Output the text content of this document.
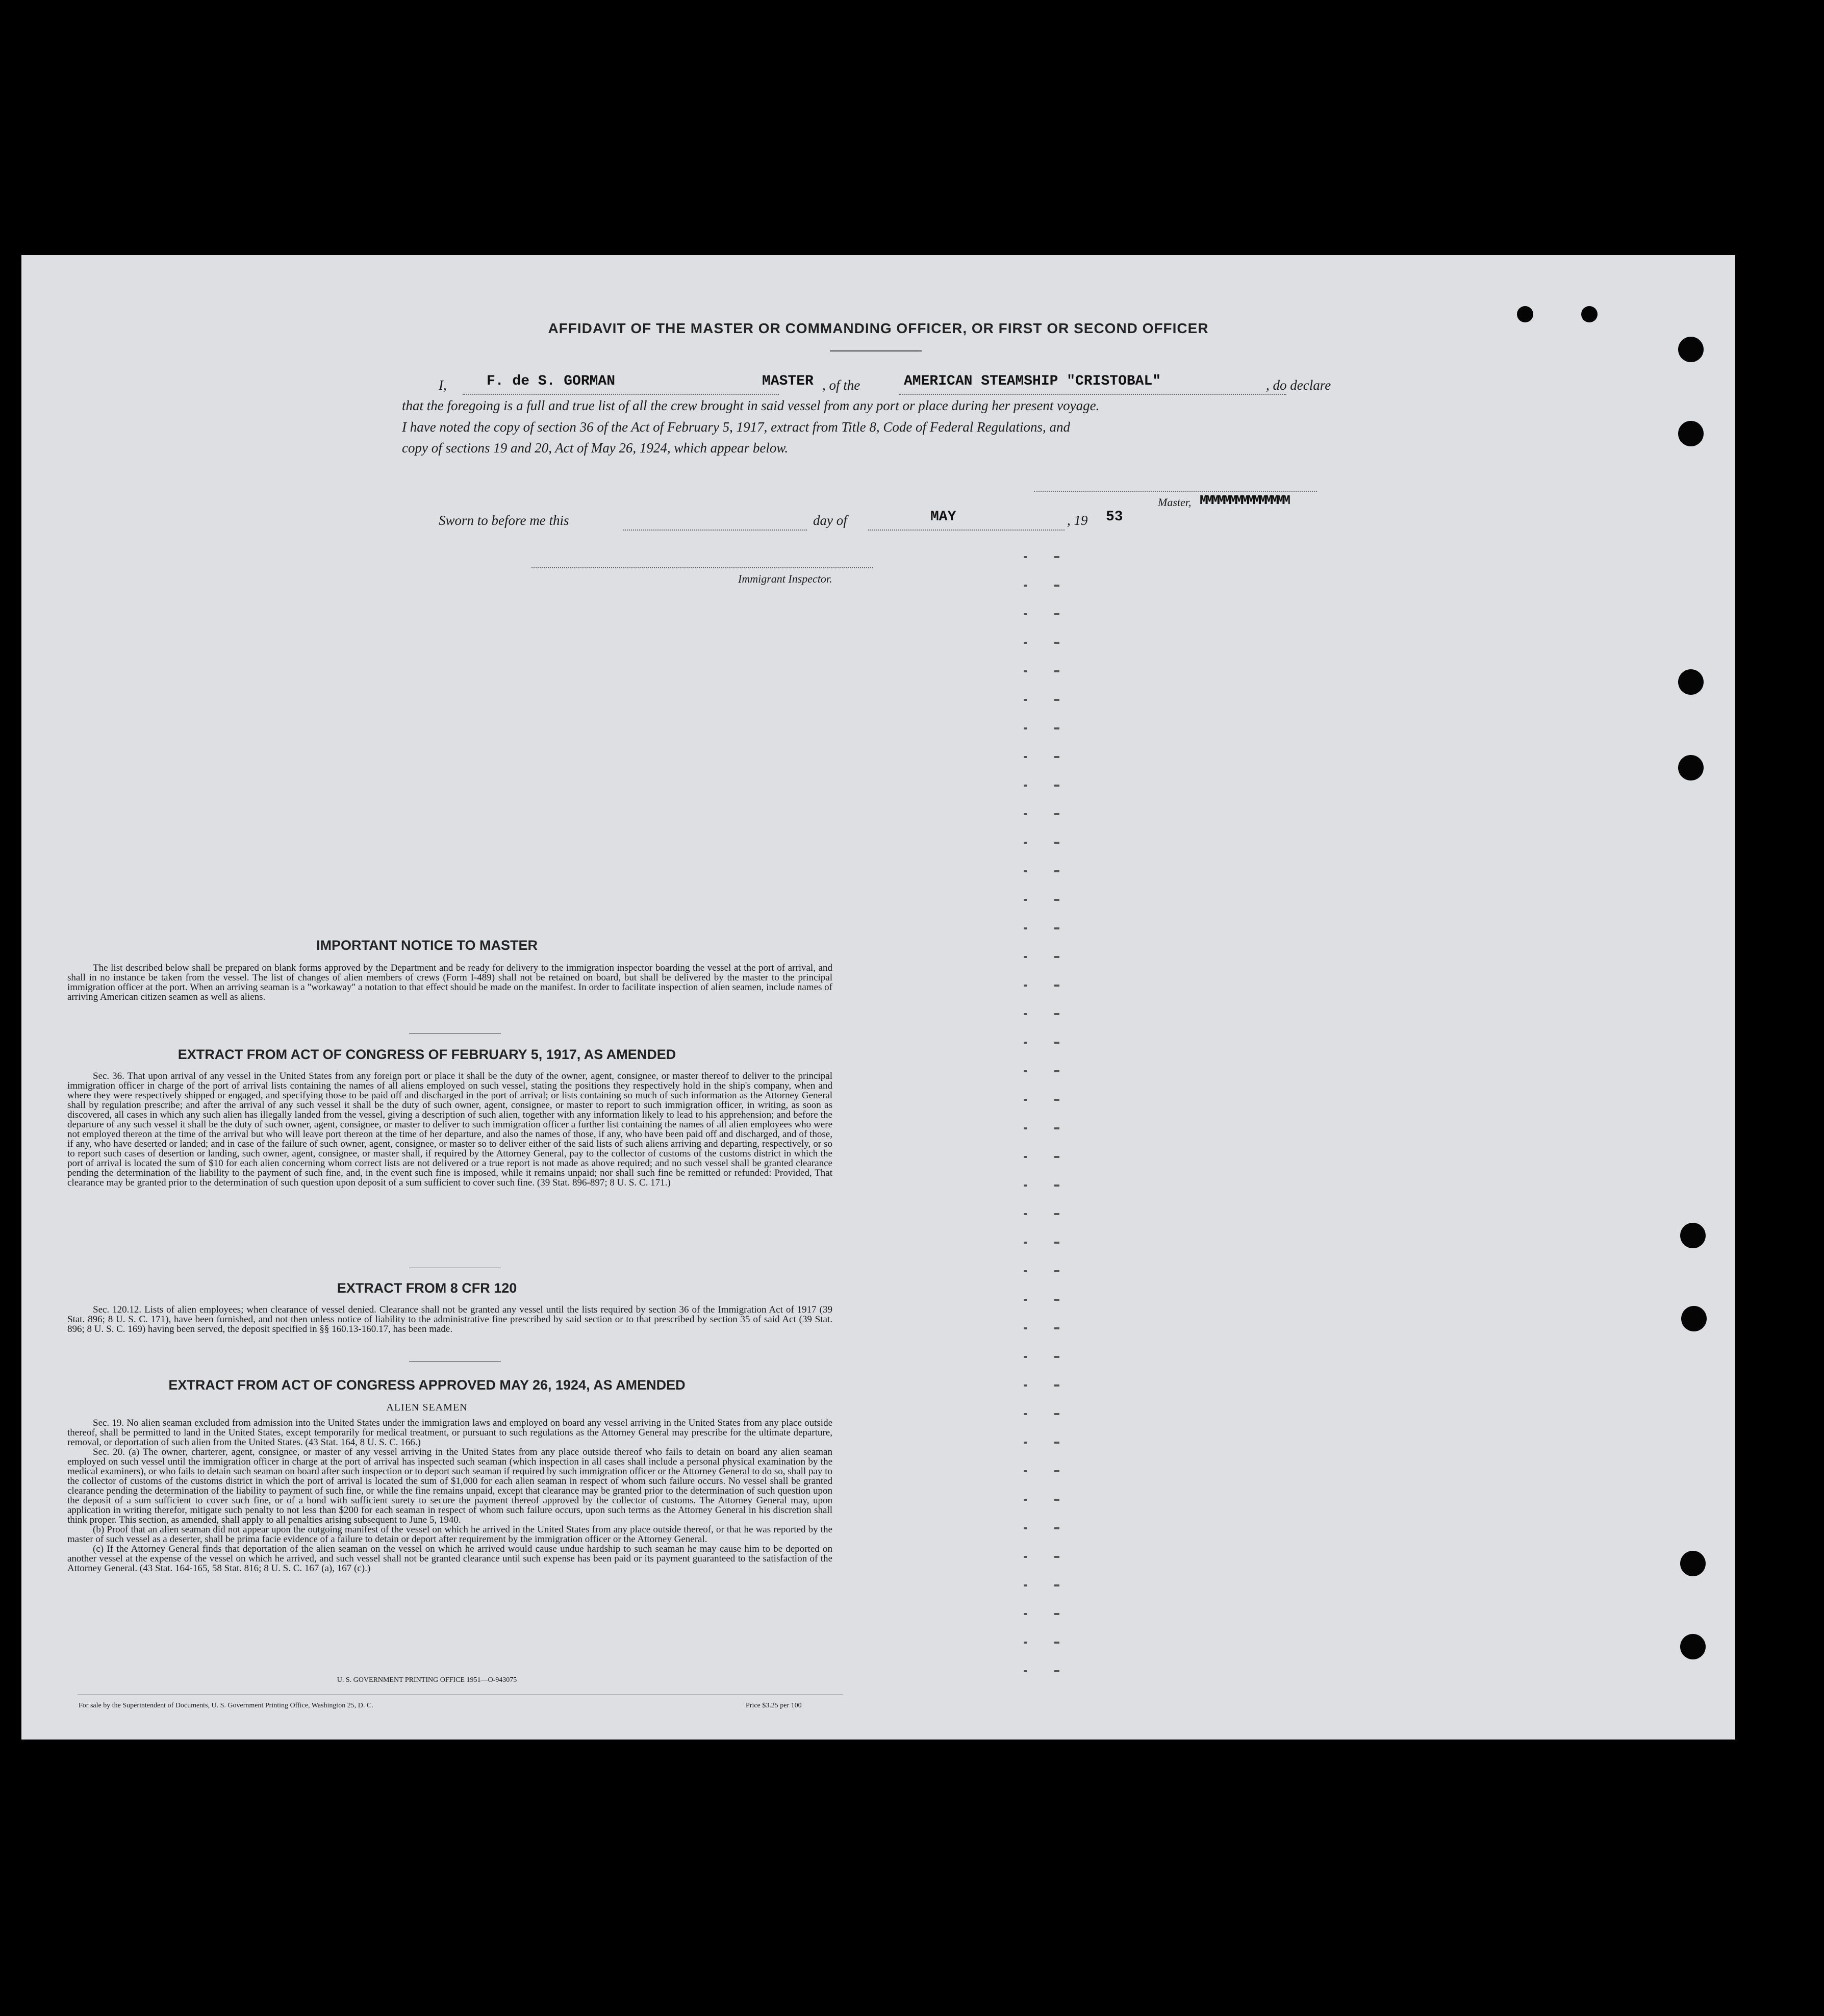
AFFIDAVIT OF THE MASTER OR COMMANDING OFFICER, OR FIRST OR SECOND OFFICER
I,	F. de S. GORMAN	MASTER , of the	AMERICAN STEAMSHIP "CRISTOBAL"	, do declare
that the foregoing is a full and true list of all the crew brought in said vessel from any port or place during her present voyage.
I have noted the copy of section 36 of the Act of February 5, 1917, extract from Title 8, Code of Federal Regulations, and
copy of sections 19 and 20, Act of May 26, 1924, which appear below.
Master, MMMMMMMMMMMMMMM
Sworn to before me this	day of	MAY	, 19 53
Immigrant Inspector.
IMPORTANT NOTICE TO MASTER

The list described below shall be prepared on blank forms approved by the Department and be ready for delivery to the immigration inspector boarding the vessel at the port of arrival, and shall in no instance be taken from the vessel. The list of changes of alien members of crews (Form I-489) shall not be retained on board, but shall be delivered by the master to the principal immigration officer at the port. When an arriving seaman is a "workaway" a notation to that effect should be made on the manifest. In order to facilitate inspection of alien seamen, include names of arriving American citizen seamen as well as aliens.

EXTRACT FROM ACT OF CONGRESS OF FEBRUARY 5, 1917, AS AMENDED

Sec. 36. That upon arrival of any vessel in the United States from any foreign port or place it shall be the duty of the owner, agent, consignee, or master thereof to deliver to the principal immigration officer in charge of the port of arrival lists containing the names of all aliens employed on such vessel, stating the positions they respectively hold in the ship's company, when and where they were respectively shipped or engaged, and specifying those to be paid off and discharged in the port of arrival; or lists containing so much of such information as the Attorney General shall by regulation prescribe; and after the arrival of any such vessel it shall be the duty of such owner, agent, consignee, or master to report to such immigration officer, in writing, as soon as discovered, all cases in which any such alien has illegally landed from the vessel, giving a description of such alien, together with any information likely to lead to his apprehension; and before the departure of any such vessel it shall be the duty of such owner, agent, consignee, or master to deliver to such immigration officer a further list containing the names of all alien employees who were not employed thereon at the time of the arrival but who will leave port thereon at the time of her departure, and also the names of those, if any, who have been paid off and discharged, and of those, if any, who have deserted or landed; and in case of the failure of such owner, agent, consignee, or master so to deliver either of the said lists of such aliens arriving and departing, respectively, or so to report such cases of desertion or landing, such owner, agent, consignee, or master shall, if required by the Attorney General, pay to the collector of customs of the customs district in which the port of arrival is located the sum of $10 for each alien concerning whom correct lists are not delivered or a true report is not made as above required; and no such vessel shall be granted clearance pending the determination of the liability to the payment of such fine, and, in the event such fine is imposed, while it remains unpaid; nor shall such fine be remitted or refunded: Provided, That clearance may be granted prior to the determination of such question upon deposit of a sum sufficient to cover such fine. (39 Stat. 896-897; 8 U. S. C. 171.)

EXTRACT FROM 8 CFR 120

Sec. 120.12. Lists of alien employees; when clearance of vessel denied. Clearance shall not be granted any vessel until the lists required by section 36 of the Immigration Act of 1917 (39 Stat. 896; 8 U. S. C. 171), have been furnished, and not then unless notice of liability to the administrative fine prescribed by said section or to that prescribed by section 35 of said Act (39 Stat. 896; 8 U. S. C. 169) having been served, the deposit specified in §§ 160.13-160.17, has been made.

EXTRACT FROM ACT OF CONGRESS APPROVED MAY 26, 1924, AS AMENDED
ALIEN SEAMEN

Sec. 19. No alien seaman excluded from admission into the United States under the immigration laws and employed on board any vessel arriving in the United States from any place outside thereof, shall be permitted to land in the United States, except temporarily for medical treatment, or pursuant to such regulations as the Attorney General may prescribe for the ultimate departure, removal, or deportation of such alien from the United States. (43 Stat. 164, 8 U. S. C. 166.)

Sec. 20. (a) The owner, charterer, agent, consignee, or master of any vessel arriving in the United States from any place outside thereof who fails to detain on board any alien seaman employed on such vessel until the immigration officer in charge at the port of arrival has inspected such seaman (which inspection in all cases shall include a personal physical examination by the medical examiners), or who fails to detain such seaman on board after such inspection or to deport such seaman if required by such immigration officer or the Attorney General to do so, shall pay to the collector of customs of the customs district in which the port of arrival is located the sum of $1,000 for each alien seaman in respect of whom such failure occurs. No vessel shall be granted clearance pending the determination of the liability to payment of such fine, or while the fine remains unpaid, except that clearance may be granted prior to the determination of such question upon the deposit of a sum sufficient to cover such fine, or of a bond with sufficient surety to secure the payment thereof approved by the collector of customs. The Attorney General may, upon application in writing therefor, mitigate such penalty to not less than $200 for each seaman in respect of whom such failure occurs, upon such terms as the Attorney General in his discretion shall think proper. This section, as amended, shall apply to all penalties arising subsequent to June 5, 1940.

(b) Proof that an alien seaman did not appear upon the outgoing manifest of the vessel on which he arrived in the United States from any place outside thereof, or that he was reported by the master of such vessel as a deserter, shall be prima facie evidence of a failure to detain or deport after requirement by the immigration officer or the Attorney General.

(c) If the Attorney General finds that deportation of the alien seaman on the vessel on which he arrived would cause undue hardship to such seaman he may cause him to be deported on another vessel at the expense of the vessel on which he arrived, and such vessel shall not be granted clearance until such expense has been paid or its payment guaranteed to the satisfaction of the Attorney General. (43 Stat. 164-165, 58 Stat. 816; 8 U. S. C. 167 (a), 167 (c).)

U. S. GOVERNMENT PRINTING OFFICE 1951—O-943075
For sale by the Superintendent of Documents, U. S. Government Printing Office, Washington 25, D. C.	Price $3.25 per 100
